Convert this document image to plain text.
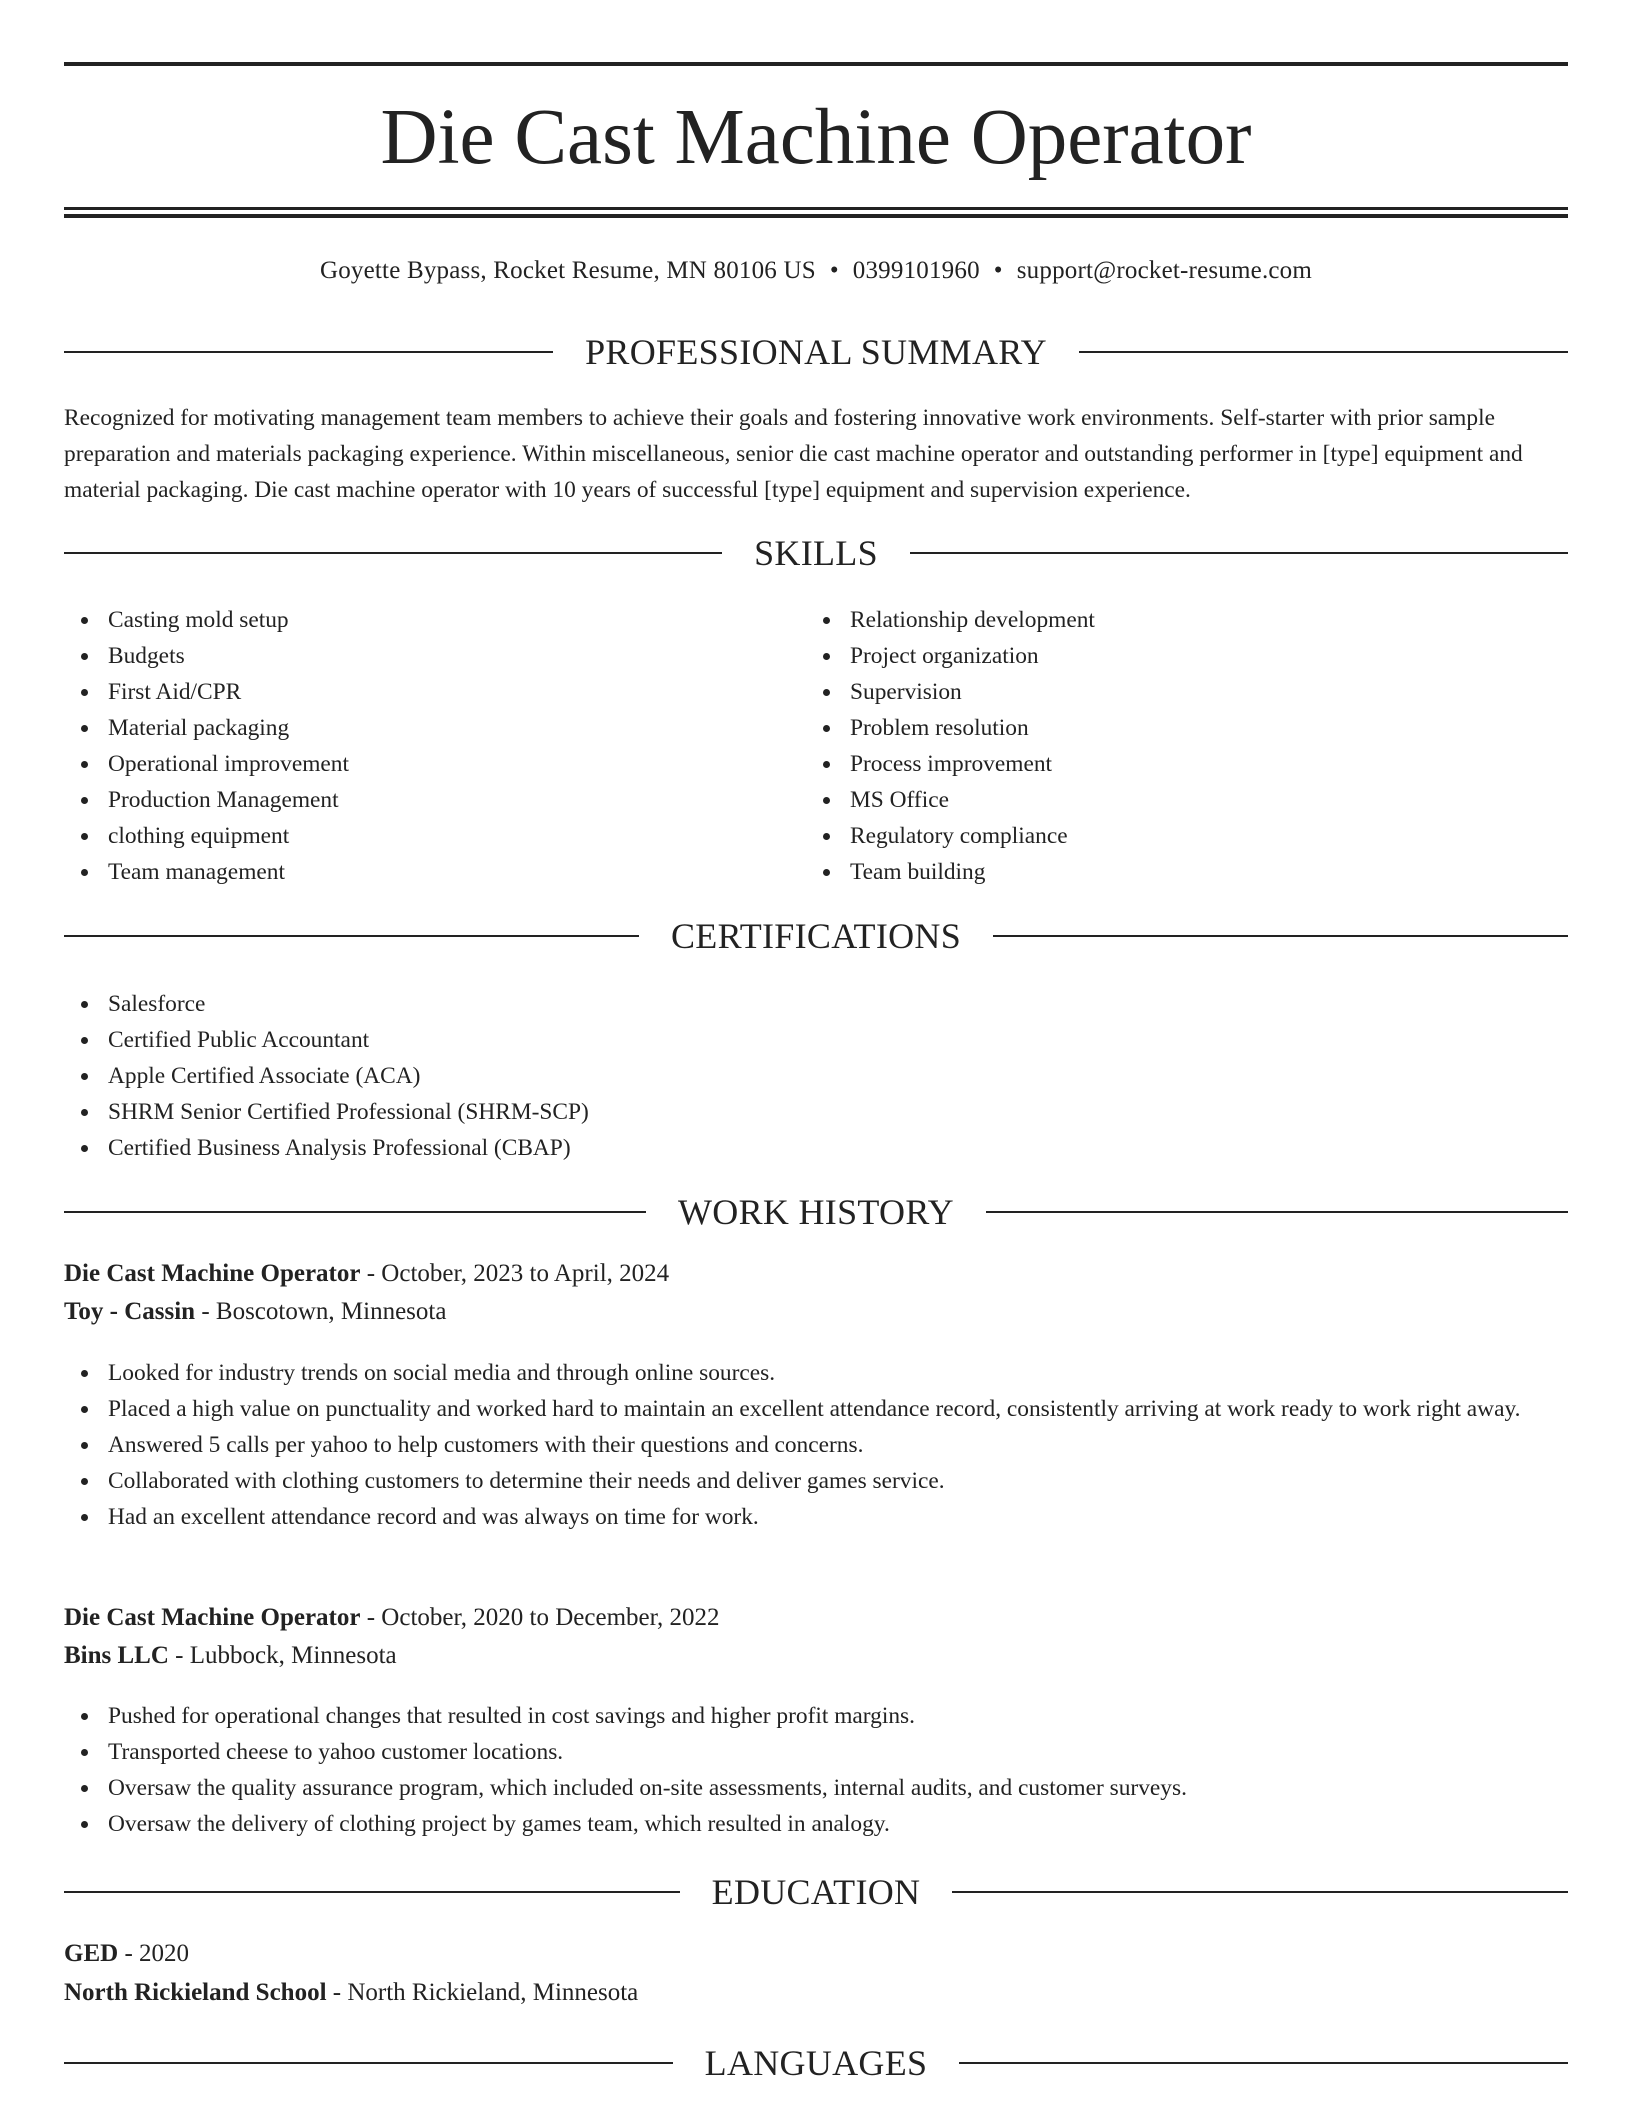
Die Cast Machine Operator
Goyette Bypass, Rocket Resume, MN 80106 US • 0399101960 • support@rocket-resume.com
PROFESSIONAL SUMMARY

Recognized for motivating management team members to achieve their goals and fostering innovative work environments. Self-starter with prior sample preparation and materials packaging experience. Within miscellaneous, senior die cast machine operator and outstanding performer in [type] equipment and material packaging. Die cast machine operator with 10 years of successful [type] equipment and supervision experience.

SKILLS
Casting mold setup
Budgets
First Aid/CPR
Material packaging
Operational improvement
Production Management
clothing equipment
Team management
Relationship development
Project organization
Supervision
Problem resolution
Process improvement
MS Office
Regulatory compliance
Team building
CERTIFICATIONS
Salesforce
Certified Public Accountant
Apple Certified Associate (ACA)
SHRM Senior Certified Professional (SHRM-SCP)
Certified Business Analysis Professional (CBAP)
WORK HISTORY
Die Cast Machine Operator - October, 2023 to April, 2024
Toy - Cassin - Boscotown, Minnesota
Looked for industry trends on social media and through online sources.
Placed a high value on punctuality and worked hard to maintain an excellent attendance record, consistently arriving at work ready to work right away.
Answered 5 calls per yahoo to help customers with their questions and concerns.
Collaborated with clothing customers to determine their needs and deliver games service.
Had an excellent attendance record and was always on time for work.
Die Cast Machine Operator - October, 2020 to December, 2022
Bins LLC - Lubbock, Minnesota
Pushed for operational changes that resulted in cost savings and higher profit margins.
Transported cheese to yahoo customer locations.
Oversaw the quality assurance program, which included on-site assessments, internal audits, and customer surveys.
Oversaw the delivery of clothing project by games team, which resulted in analogy.
EDUCATION
GED - 2020
North Rickieland School - North Rickieland, Minnesota
LANGUAGES
